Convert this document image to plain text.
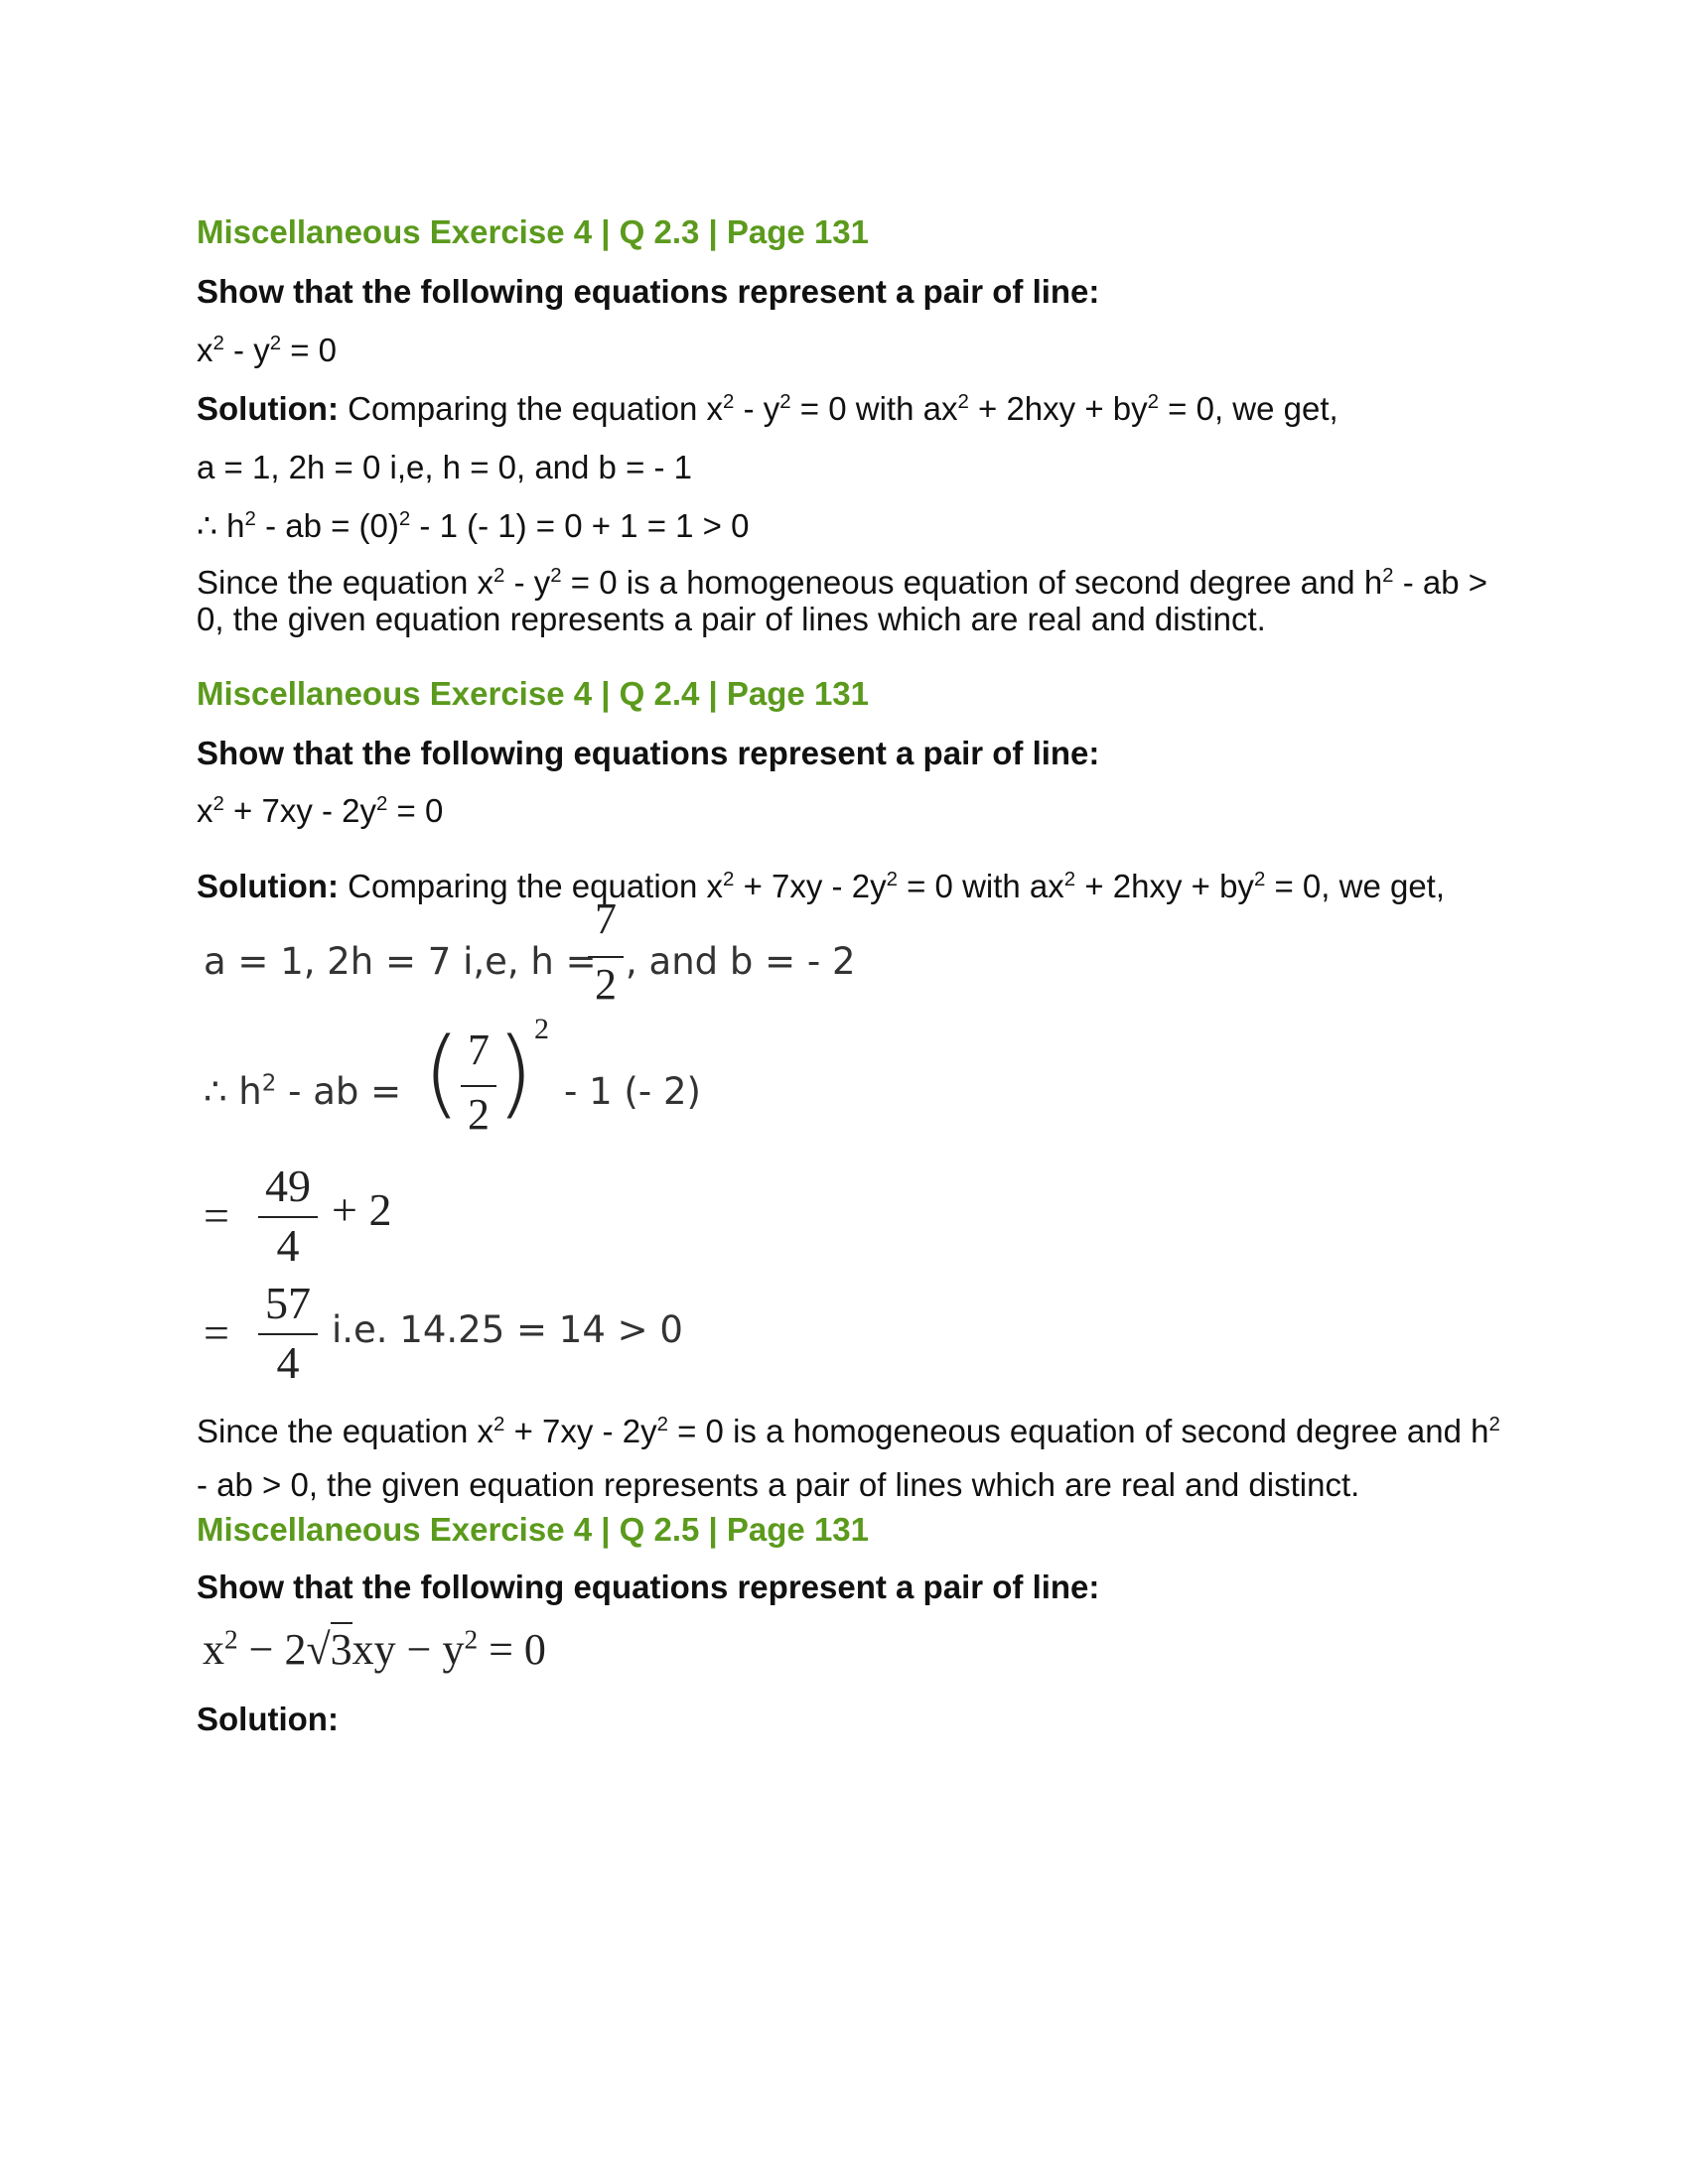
Miscellaneous Exercise 4 | Q 2.3 | Page 131
Show that the following equations represent a pair of line:
$x^2 - y^2 = 0$
Solution: Comparing the equation $x^2 - y^2 = 0$ with $ax^2 + 2hxy + by^2 = 0$, we get,
a = 1, 2h = 0 i,e, h = 0, and b = - 1
∴ $h^2$ - ab = $(0)^2 - 1$ (- 1) = 0 + 1 = 1 > 0
Since the equation $x^2 - y^2 = 0$ is a homogeneous equation of second degree and $h^2$ - ab > 0, the given equation represents a pair of lines which are real and distinct.
Miscellaneous Exercise 4 | Q 2.4 | Page 131
Show that the following equations represent a pair of line:
$x^2 + 7xy - 2y^2 = 0$
Solution: Comparing the equation $x^2 + 7xy - 2y^2 = 0$ with $ax^2 + 2hxy + by^2 = 0$, we get,
a = 1, 2h = 7 i,e, h =
7
2 , and b = - 2
∴ $h^2$ - ab = ( 7
2 ) 2
- 1 (- 2)
=
49
4
+ 2
=
57
4
i.e. 14.25 = 14 > 0
Since the equation $x^2 + 7xy - 2y^2 = 0$ is a homogeneous equation of second degree and $h^2$ - ab > 0, the given equation represents a pair of lines which are real and distinct.
Miscellaneous Exercise 4 | Q 2.5 | Page 131
Show that the following equations represent a pair of line:
$x^2 - 2√3xy - y^2 = 0$
Solution:
